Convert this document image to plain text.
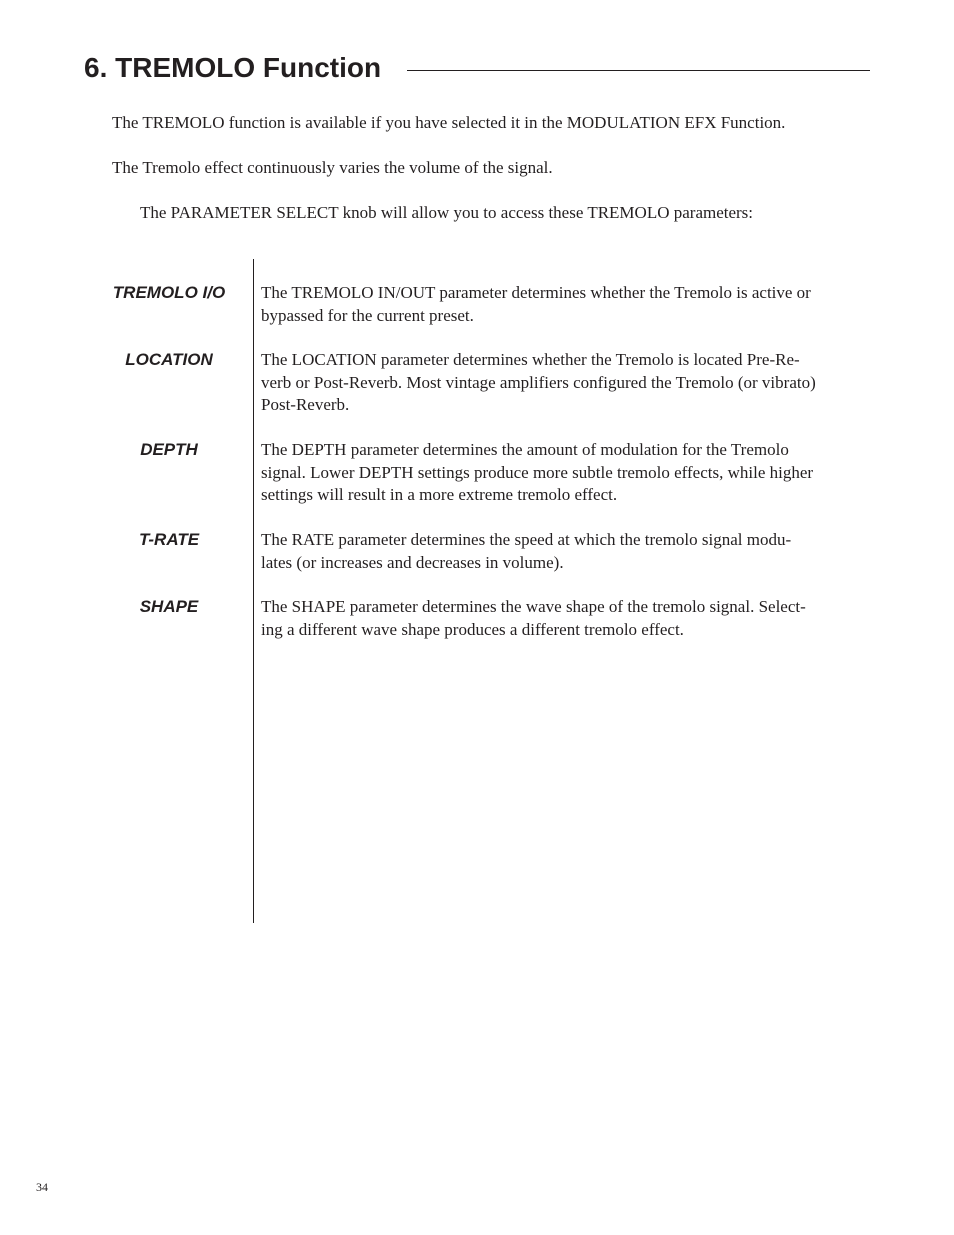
6. TREMOLO Function

The TREMOLO function is available if you have selected it in the MODULATION EFX Function.

The Tremolo effect continuously varies the volume of the signal.

The PARAMETER SELECT knob will allow you to access these TREMOLO parameters:

TREMOLO I/O	The TREMOLO IN/OUT parameter determines whether the Tremolo is active or
bypassed for the current preset.

LOCATION	The LOCATION parameter determines whether the Tremolo is located Pre-Re-
verb or Post-Reverb. Most vintage amplifiers configured the Tremolo (or vibrato)
Post-Reverb.

DEPTH	The DEPTH parameter determines the amount of modulation for the Tremolo
signal. Lower DEPTH settings produce more subtle tremolo effects, while higher
settings will result in a more extreme tremolo effect.

T-RATE	The RATE parameter determines the speed at which the tremolo signal modu-
lates (or increases and decreases in volume).

SHAPE	The SHAPE parameter determines the wave shape of the tremolo signal. Select-
ing a different wave shape produces a different tremolo effect.

34
